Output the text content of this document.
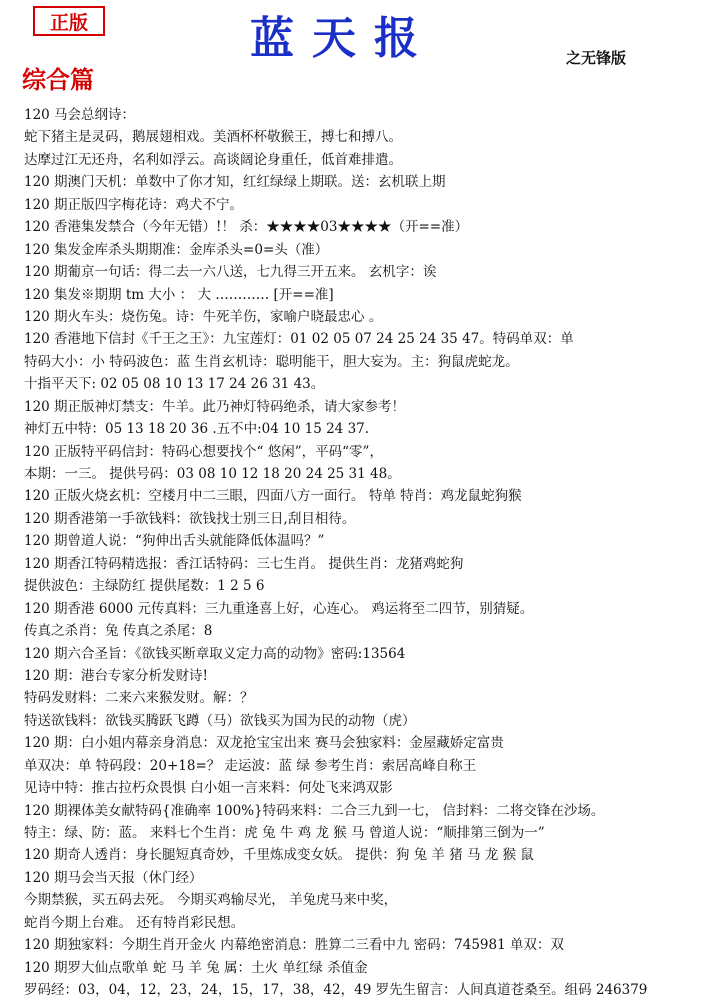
正版	蓝天报	之无锋版
综合篇
120 马会总纲诗：
蛇下猪主是灵码，鹅展翅相戏。美酒杯杯敬猴王，搏七和搏八。
达摩过江无还舟，名利如浮云。高谈阔论身重任，低首难排遣。
120 期澳门天机：单数中了你才知，红红绿绿上期联。送：玄机联上期
120 期正版四字梅花诗：鸡犬不宁。
120 香港集发禁合（今年无错）!！ 杀：★★★★03★★★★（开==准）
120 集发金库杀头期期准：金库杀头=0=头（准）
120 期葡京一句话：得二去一六八送，七九得三开五来。 玄机字：诶
120 集发※期期 tm 大小 ： 大 ………… [开==准]
120 期火车头：烧伤兔。诗：牛死羊伤，家喻户晓最忠心 。
120 香港地下信封《千王之王》：九宝莲灯：01 02 05 07 24 25 24 35 47。特码单双：单
特码大小：小 特码波色：蓝 生肖玄机诗：聪明能干，胆大妄为。主：狗鼠虎蛇龙。
十指平天下: 02 05 08 10 13 17 24 26 31 43。
120 期正版神灯禁支：牛羊。此乃神灯特码绝杀，请大家参考！
神灯五中特：05 13 18 20 36 .五不中:04 10 15 24 37.
120 正版特平码信封：特码心想要找个“ 悠闲”，平码“零”，
本期：一三。 提供号码：03 08 10 12 18 20 24 25 31 48。
120 正版火烧玄机：空楼月中二三眼，四面八方一面行。 特单 特肖：鸡龙鼠蛇狗猴
120 期香港第一手欲钱料：欲钱找士别三日,刮目相待。
120 期曾道人说：“狗伸出舌头就能降低体温吗？”
120 期香江特码精选报：香江话特码：三七生肖。 提供生肖：龙猪鸡蛇狗
提供波色：主绿防红 提供尾数：1 2 5 6
120 期香港 6000 元传真料：三九重逢喜上好，心连心。 鸡运将至二四节，别猜疑。
传真之杀肖：兔 传真之杀尾：8
120 期六合圣旨：《欲钱买断章取义定力高的动物》密码:13564
120 期：港台专家分析发财诗!
特码发财料：二来六来猴发财。解：？
特送欲钱料：欲钱买腾跃飞蹲（马）欲钱买为国为民的动物（虎）
120 期：白小姐内幕亲身消息：双龙抢宝宝出来 赛马会独家料：金屋藏娇定富贵
单双决：单 特码段：20+18=？ 走运波：蓝 绿 参考生肖：索居高峰自称王
见诗中特：推古拉朽众畏惧 白小姐一言来料：何处飞来鸿双影
120 期裸体美女献特码{准确率 100%}特码来料：二合三九到一七， 信封料：二将交锋在沙场。
特主：绿、防：蓝。 来料七个生肖：虎 兔 牛 鸡 龙 猴 马 曾道人说：“顺排第三倒为一”
120 期奇人透肖：身长腿短真奇妙，千里炼成变女妖。 提供：狗 兔 羊 猪 马 龙 猴 鼠
120 期马会当天报（休门经）
今期禁猴，买五码去死。 今期买鸡输尽光， 羊兔虎马来中奖，
蛇肖今期上台难。 还有特肖彩民想。
120 期独家料：今期生肖开金火 内幕绝密消息：胜算二三看中九 密码：745981 单双：双
120 期罗大仙点歌单 蛇 马 羊 兔 属：土火 单红绿 杀值金
罗码经：03，04，12，23，24，15，17，38，42，49 罗先生留言：人间真道苍桑至。组码 246379
